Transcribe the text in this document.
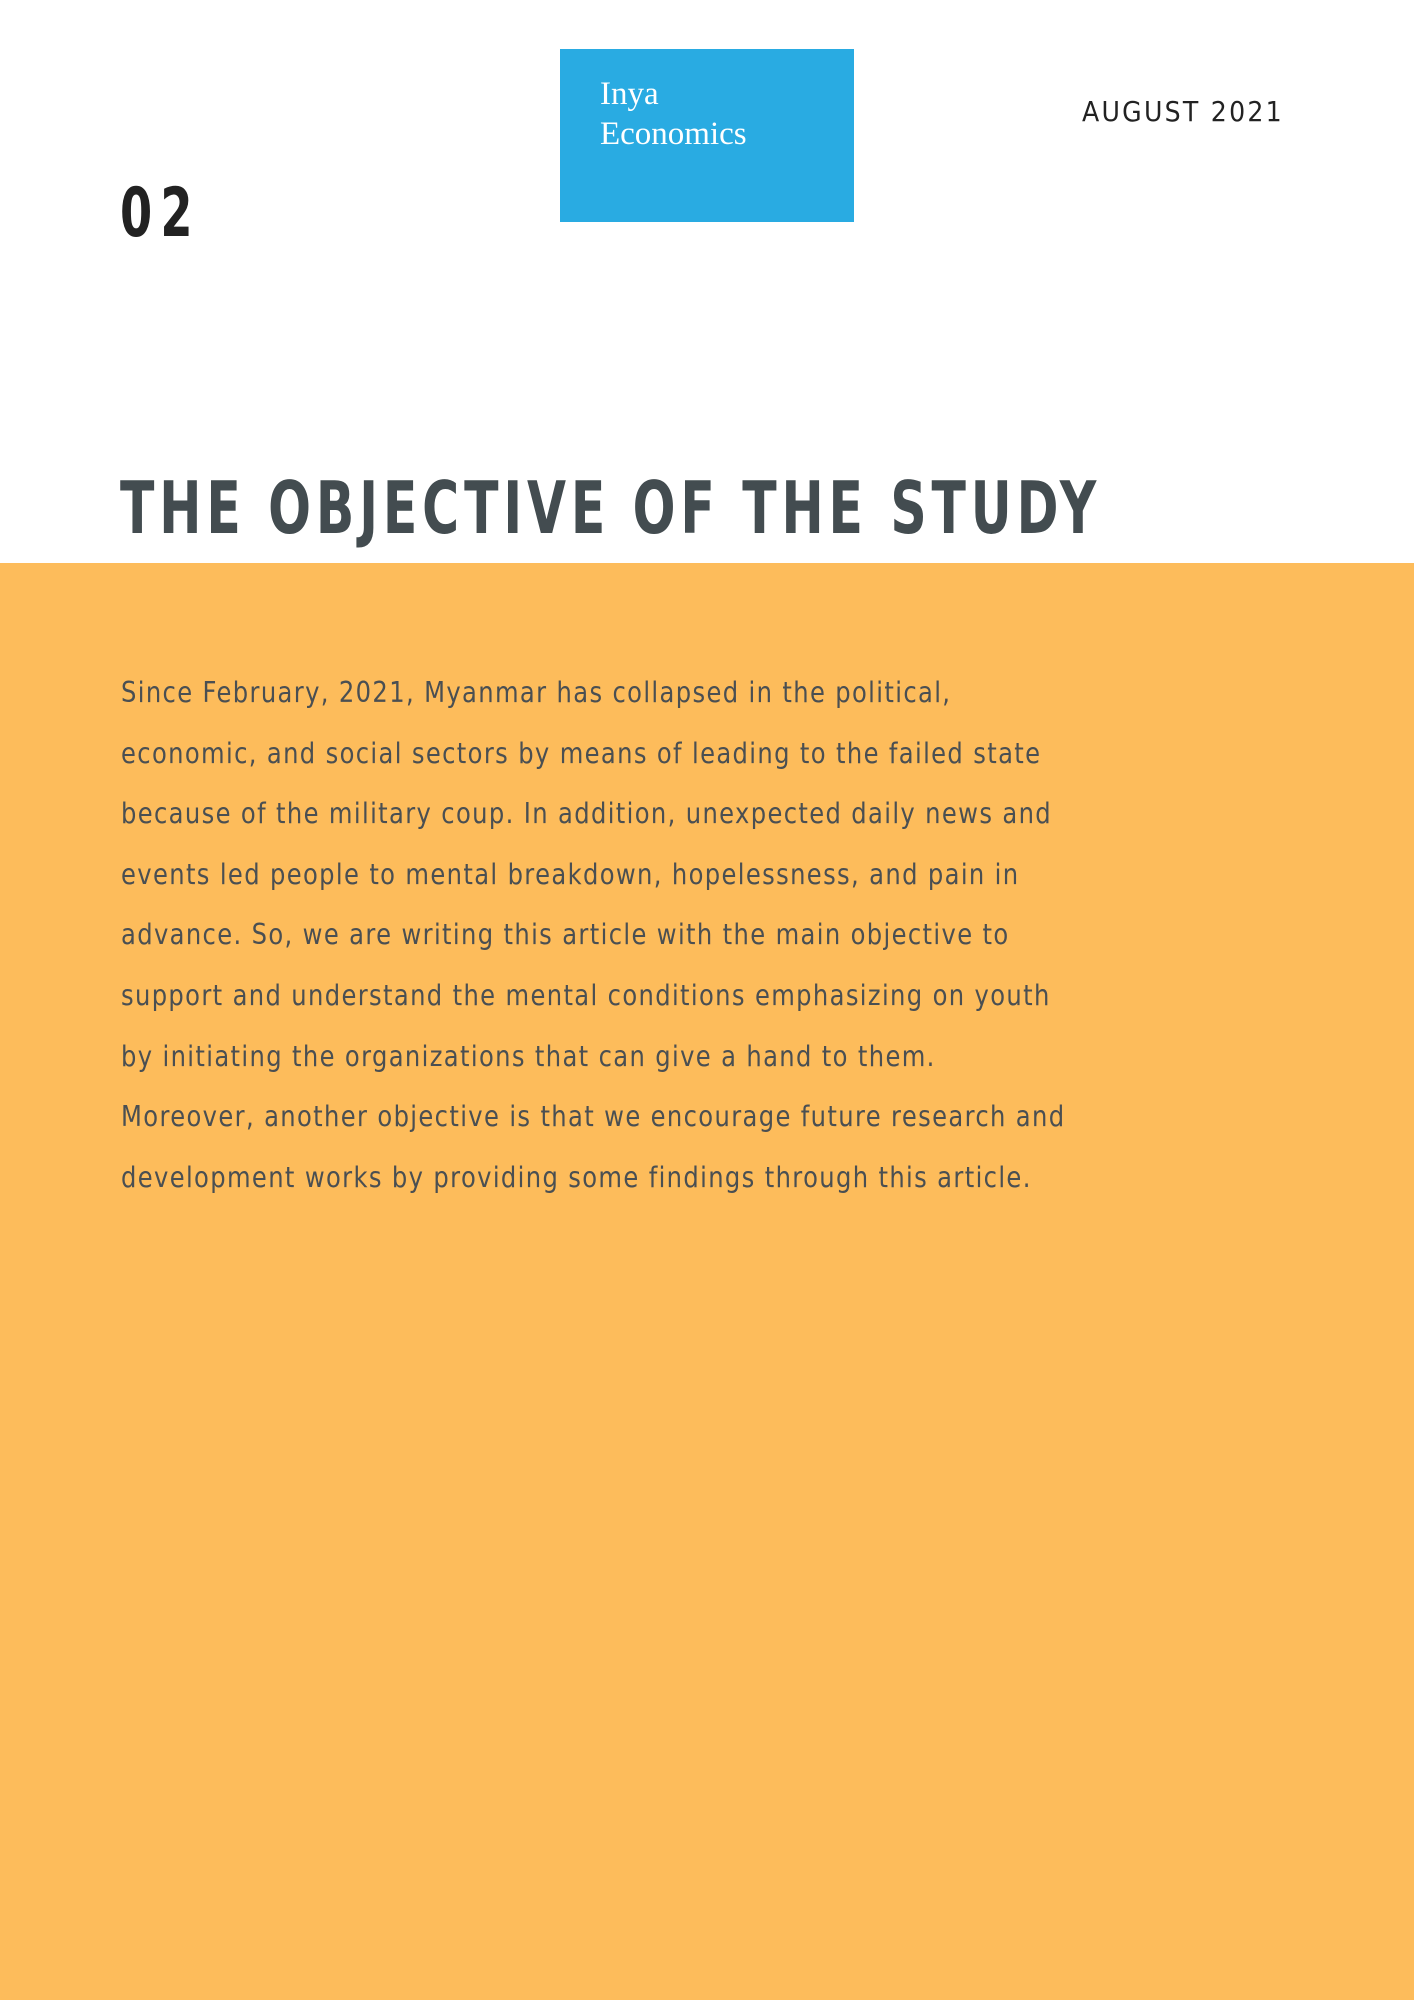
Inya
Economics
02
AUGUST 2021
THE OBJECTIVE OF THE STUDY
Since February, 2021, Myanmar has collapsed in the political,
economic, and social sectors by means of leading to the failed state
because of the military coup. In addition, unexpected daily news and
events led people to mental breakdown, hopelessness, and pain in
advance. So, we are writing this article with the main objective to
support and understand the mental conditions emphasizing on youth
by initiating the organizations that can give a hand to them.
Moreover, another objective is that we encourage future research and
development works by providing some findings through this article.
